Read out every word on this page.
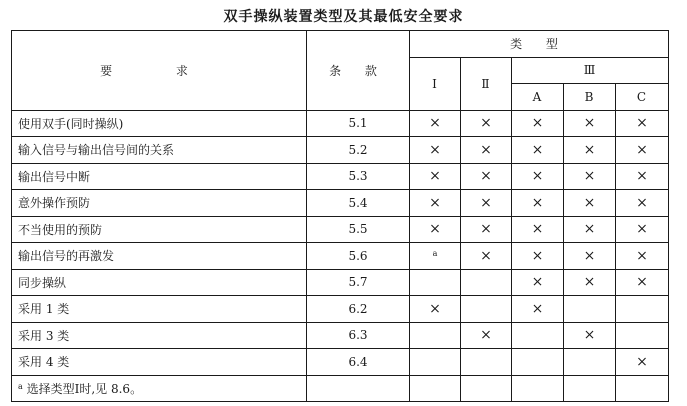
双手操纵装置类型及其最低安全要求
要 求	条 款	类 型				
		Ⅰ	Ⅱ	Ⅲ		
				A	B	C
使用双手(同时操纵)	5.1	×	×	×	×	×
输入信号与输出信号间的关系	5.2	×	×	×	×	×
输出信号中断	5.3	×	×	×	×	×
意外操作预防	5.4	×	×	×	×	×
不当使用的预防	5.5	×	×	×	×	×
输出信号的再激发	5.6	$^a$	×	×	×	×
同步操纵	5.7			×	×	×
采用 1 类	6.2	×		×		
采用 3 类	6.3		×		×	
采用 4 类	6.4					×
$^a$ 选择类型Ⅰ时,见 8.6。						
